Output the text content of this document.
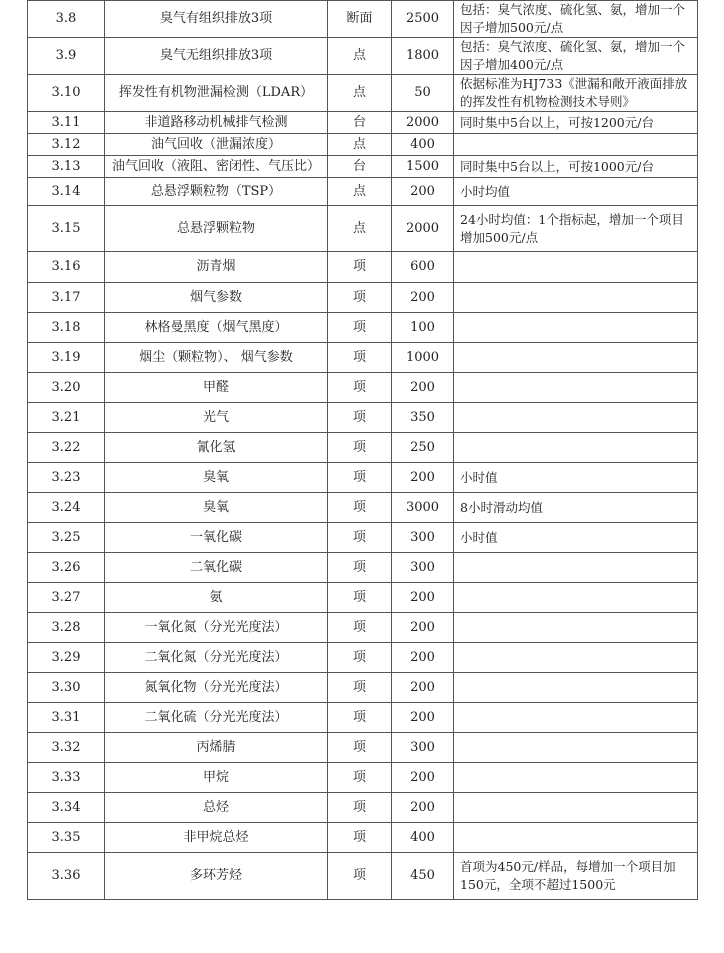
3.8	臭气有组织排放3项	断面	2500	包括：臭气浓度、硫化氢、氨，增加一个因子增加500元/点
3.9	臭气无组织排放3项	点	1800	包括：臭气浓度、硫化氢、氨，增加一个因子增加400元/点
3.10	挥发性有机物泄漏检测（LDAR）	点	50	依据标准为HJ733《泄漏和敞开液面排放的挥发性有机物检测技术导则》
3.11	非道路移动机械排气检测	台	2000	同时集中5台以上，可按1200元/台
3.12	油气回收（泄漏浓度）	点	400	
3.13	油气回收（液阻、密闭性、气压比）	台	1500	同时集中5台以上，可按1000元/台
3.14	总悬浮颗粒物（TSP）	点	200	小时均值
3.15	总悬浮颗粒物	点	2000	24小时均值：1个指标起，增加一个项目增加500元/点
3.16	沥青烟	项	600	
3.17	烟气参数	项	200	
3.18	林格曼黑度（烟气黑度）	项	100	
3.19	烟尘（颗粒物）、 烟气参数	项	1000	
3.20	甲醛	项	200	
3.21	光气	项	350	
3.22	氰化氢	项	250	
3.23	臭氧	项	200	小时值
3.24	臭氧	项	3000	8小时滑动均值
3.25	一氧化碳	项	300	小时值
3.26	二氧化碳	项	300	
3.27	氨	项	200	
3.28	一氧化氮（分光光度法）	项	200	
3.29	二氧化氮（分光光度法）	项	200	
3.30	氮氧化物（分光光度法）	项	200	
3.31	二氧化硫（分光光度法）	项	200	
3.32	丙烯腈	项	300	
3.33	甲烷	项	200	
3.34	总烃	项	200	
3.35	非甲烷总烃	项	400	
3.36	多环芳烃	项	450	首项为450元/样品，每增加一个项目加150元，全项不超过1500元
